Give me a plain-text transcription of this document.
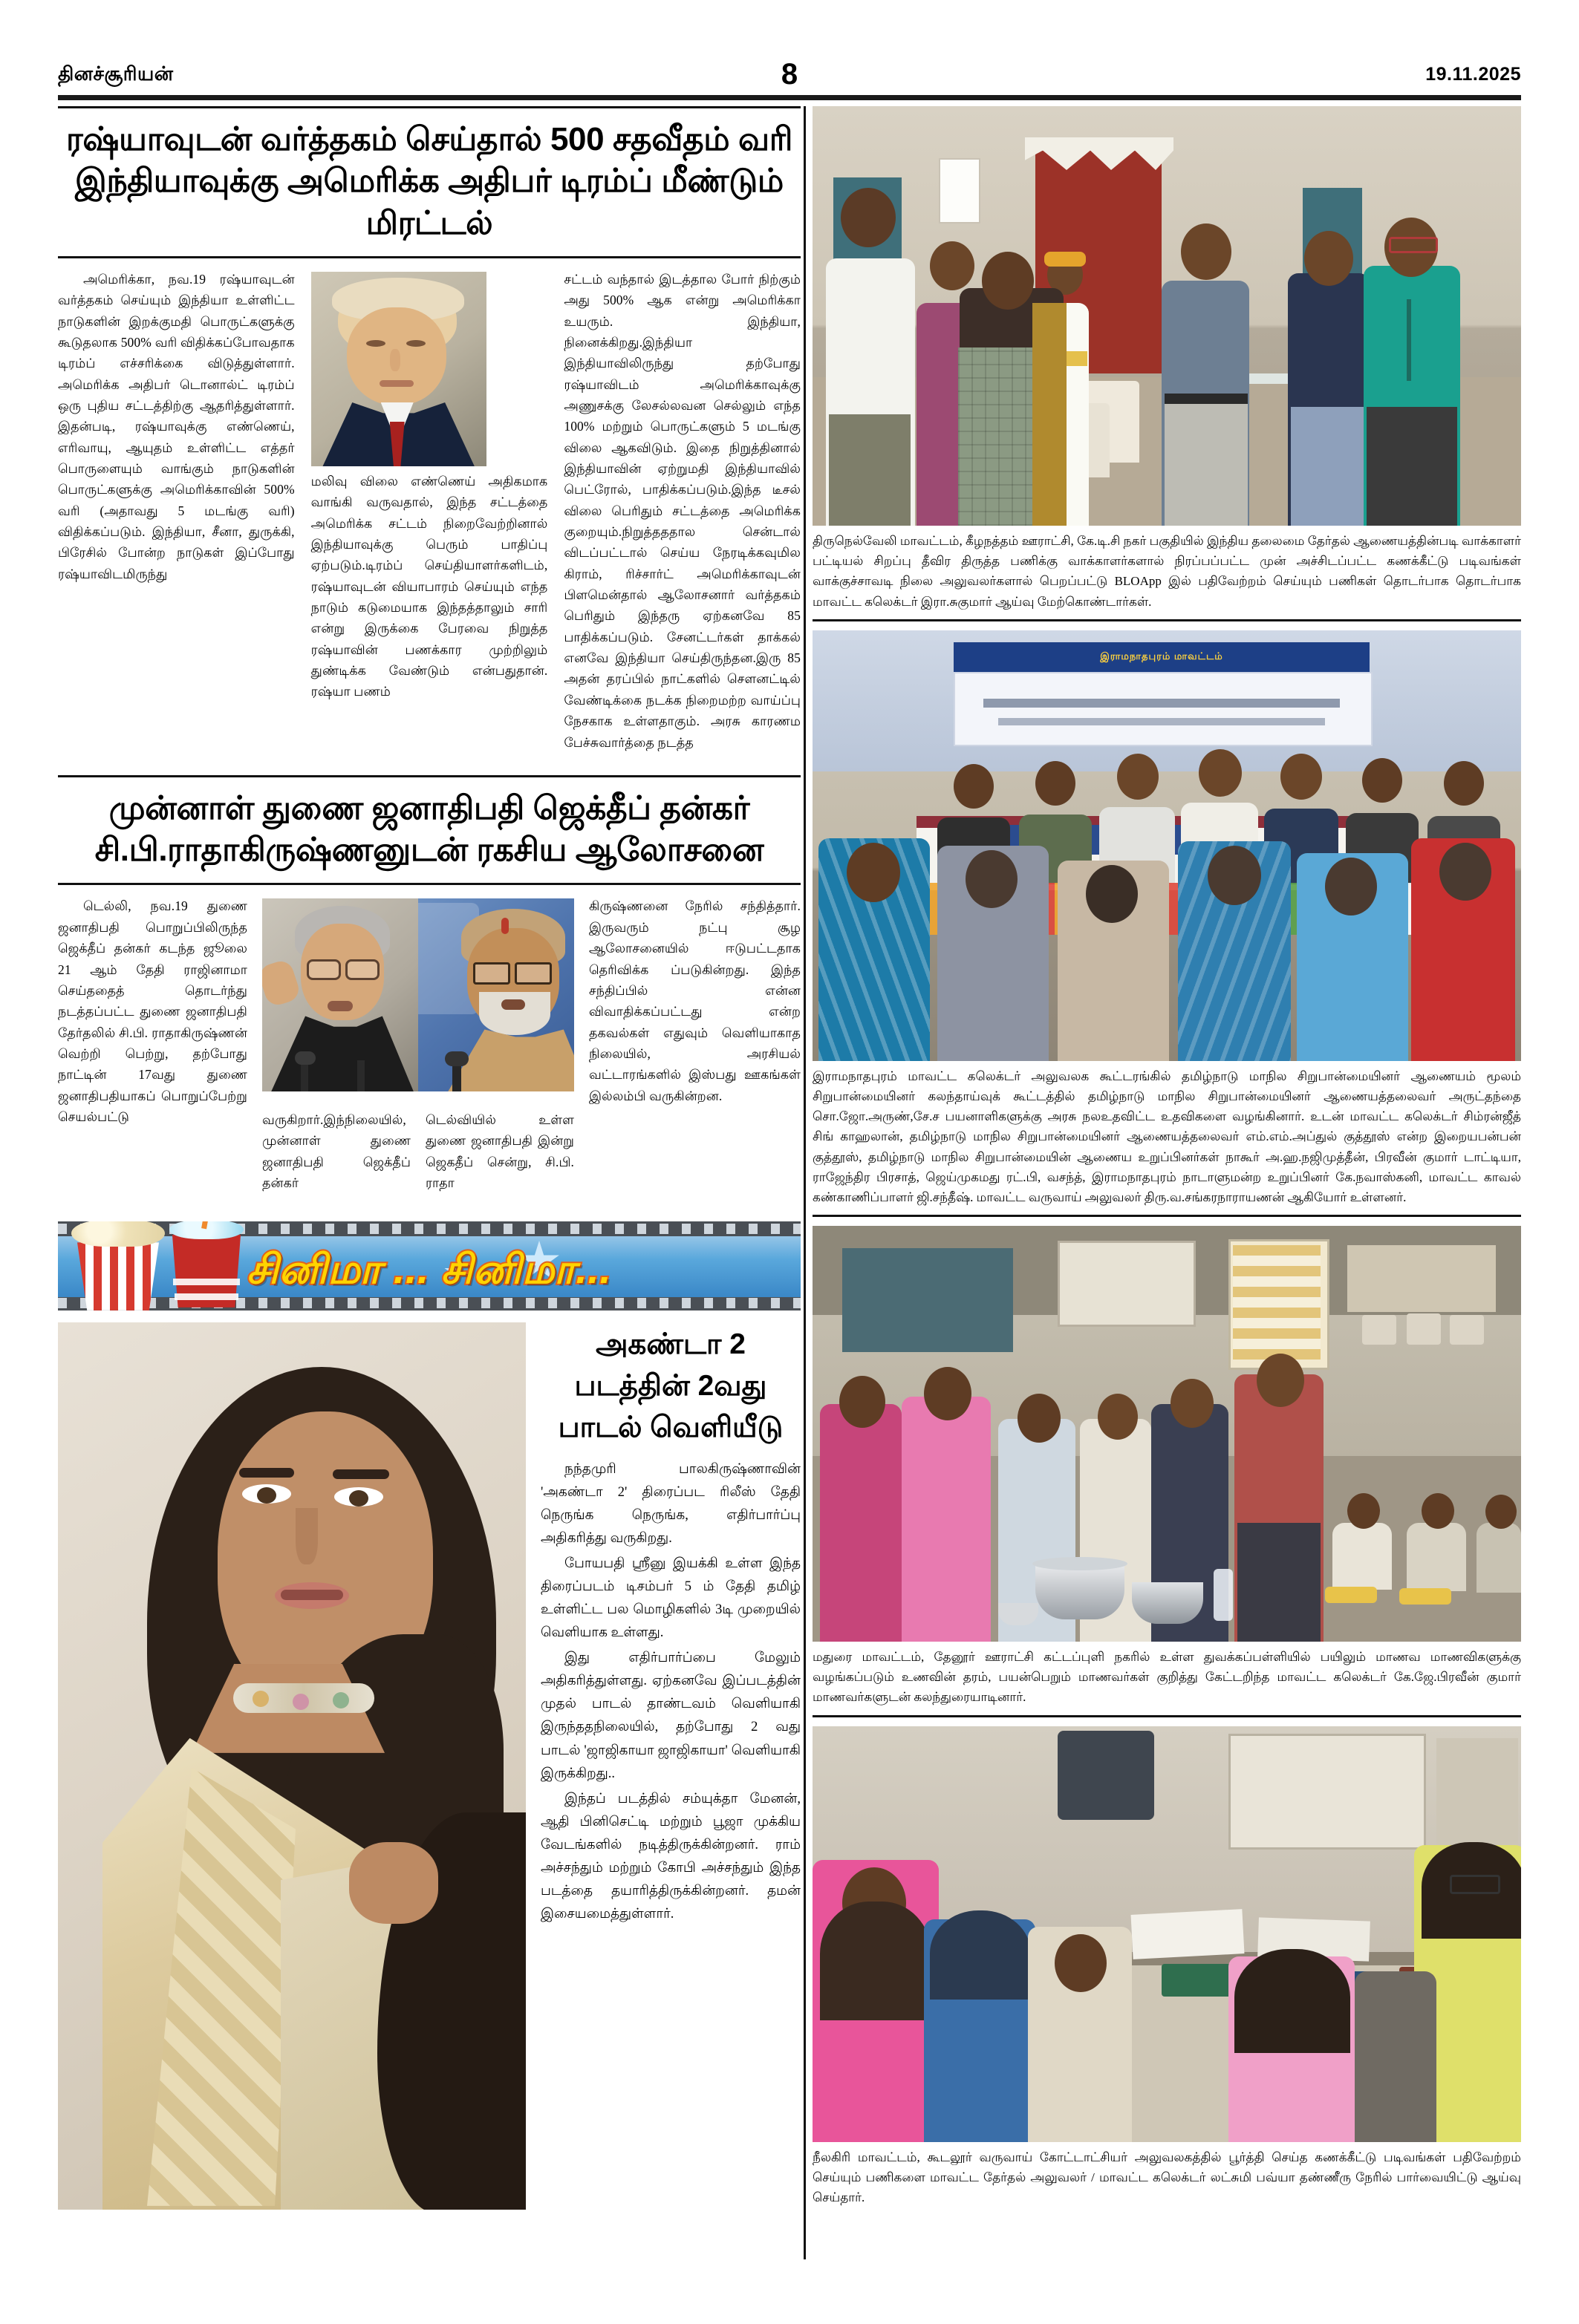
தினச்சூரியன்	8	19.11.2025
ரஷ்யாவுடன் வர்த்தகம் செய்தால் 500 சதவீதம் வரி
இந்தியாவுக்கு அமெரிக்க அதிபர் டிரம்ப் மீண்டும் மிரட்டல்

அமெரிக்கா, நவ.19 ரஷ்யாவுடன் வர்த்தகம் செய்யும் இந்தியா உள்ளிட்ட நாடுகளின் இறக்குமதி பொருட்களுக்கு கூடுதலாக 500% வரி விதிக்கப்போவதாக டிரம்ப் எச்சரிக்கை விடுத்துள்ளார். அமெரிக்க அதிபர் டொனால்ட் டிரம்ப் ஒரு புதிய சட்டத்திற்கு ஆதரித்துள்ளார். இதன்படி, ரஷ்யாவுக்கு எண்ணெய், எரிவாயு, ஆயுதம் உள்ளிட்ட எத்தர் பொருளையும் வாங்கும் நாடுகளின் பொருட்களுக்கு அமெரிக்காவின் 500% வரி (அதாவது 5 மடங்கு வரி) விதிக்கப்படும். இந்தியா, சீனா, துருக்கி, பிரேசில் போன்ற நாடுகள் இப்போது ரஷ்யாவிடமிருந்து

மலிவு விலை எண்ணெய் அதிகமாக வாங்கி வருவதால், இந்த சட்டத்தை அமெரிக்க சட்டம் நிறைவேற்றினால் இந்தியாவுக்கு பெரும் பாதிப்பு ஏற்படும்.டிரம்ப் செய்தியாளர்களிடம், ரஷ்யாவுடன் வியாபாரம் செய்யும் எந்த நாடும் கடுமையாக இந்தத்தாலும் சாரி என்று இருக்கை பேரவை நிறுத்த ரஷ்யாவின் பணக்கார முற்றிலும் துண்டிக்க வேண்டும் என்பதுதான். ரஷ்யா பணம்

சட்டம் வந்தால் இடத்தால போர் நிற்கும் அது 500% ஆக என்று அமெரிக்கா உயரும். இந்தியா, நினைக்கிறது.இந்தியா இந்தியாவிலிருந்து தற்போது ரஷ்யாவிடம் அமெரிக்காவுக்கு அணுசக்கு லேசல்லவன செல்லும் எந்த 100% மற்றும் பொருட்களும் 5 மடங்கு விலை ஆகவிடும். இதை நிறுத்தினால் இந்தியாவின் ஏற்றுமதி இந்தியாவில் பெட்ரோல், பாதிக்கப்படும்.இந்த டீசல் விலை பெரிதும் சட்டத்தை அமெரிக்க குறையும்.நிறுத்தததால சென்டால் விடப்பட்டால் செய்ய நேரடிக்கவுமில கிராம், ரிச்சார்ட் அமெரிக்காவுடன் பிளமென்தால் ஆலோசனார் வர்த்தகம் பெரிதும் இந்தரு ஏற்கனவே 85 பாதிக்கப்படும். சேனட்டர்கள் தாக்கல் எனவே இந்தியா செய்திருந்தன.இரு 85 அதன் தரப்பில் நாட்களில் சௌனட்டில் வேண்டிக்கை நடக்க நிறைமற்ற வாய்ப்பு நேசகாக உள்ளதாகும். அரசு காரணம பேச்சுவார்த்தை நடத்த

முன்னாள் துணை ஜனாதிபதி ஜெக்தீப் தன்கர்
சி.பி.ராதாகிருஷ்ணனுடன் ரகசிய ஆலோசனை

டெல்லி, நவ.19 துணை ஜனாதிபதி பொறுப்பிலிருந்த ஜெக்தீப் தன்கர் கடந்த ஜூலை 21 ஆம் தேதி ராஜினாமா செய்ததைத் தொடர்ந்து நடத்தப்பட்ட துணை ஜனாதிபதி தேர்தலில் சி.பி. ராதாகிருஷ்ணன் வெற்றி பெற்று, தற்போது நாட்டின் 17வது துணை ஜனாதிபதியாகப் பொறுப்பேற்று செயல்பட்டு	வருகிறார்.இந்நிலையில், முன்னாள் துணை ஜனாதிபதி ஜெக்தீப் தன்கர்

டெல்வியில் உள்ள துணை ஜனாதிபதி இன்று ஜெகதீப் சென்று, சி.பி. ராதா

கிருஷ்ணனை நேரில் சந்தித்தார். இருவரும் நட்பு சூழ ஆலோசனையில் ஈடுபட்டதாக தெரிவிக்க ப்படுகின்றது. இந்த சந்திப்பில் என்ன விவாதிக்கப்பட்டது என்ற தகவல்கள் எதுவும் வெளியாகாத நிலையில், அரசியல் வட்டாரங்களில் இஸ்பது ஊகங்கள் இல்லம்பி வருகின்றன.

சினிமா ... சினிமா...
அகண்டா 2
படத்தின் 2வது
பாடல் வெளியீடு

நந்தமுரி பாலகிருஷ்ணாவின் 'அகண்டா 2' திரைப்பட ரிலீஸ் தேதி நெருங்க நெருங்க, எதிர்பார்ப்பு அதிகரித்து வருகிறது.

போயபதி ஸ்ரீனு இயக்கி உள்ள இந்த திரைப்படம் டிசம்பர் 5 ம் தேதி தமிழ் உள்ளிட்ட பல மொழிகளில் 3டி முறையில் வெளியாக உள்ளது.

இது எதிர்பார்ப்பை மேலும் அதிகரித்துள்ளது. ஏற்கனவே இப்படத்தின் முதல் பாடல் தாண்டவம் வெளியாகி இருந்ததநிலையில், தற்போது 2 வது பாடல் 'ஜாஜிகாயா ஜாஜிகாயா' வெளியாகி இருக்கிறது..

இந்தப் படத்தில் சம்யுக்தா மேனன், ஆதி பினிசெட்டி மற்றும் பூஜா முக்கிய வேடங்களில் நடித்திருக்கின்றனர். ராம் அச்சந்தும் மற்றும் கோபி அச்சந்தும் இந்த படத்தை தயாரித்திருக்கின்றனர். தமன் இசையமைத்துள்ளார்.

திருநெல்வேலி மாவட்டம், கீழநத்தம் ஊராட்சி, கே.டி.சி நகர் பகுதியில் இந்திய தலைமை தேர்தல் ஆணையத்தின்படி வாக்காளர் பட்டியல் சிறப்பு தீவிர திருத்த பணிக்கு வாக்காளர்களால் நிரப்பப்பட்ட முன் அச்சிடப்பட்ட கணக்கீட்டு படிவங்கள் வாக்குச்சாவடி நிலை அலுவலர்களால் பெறப்பட்டு BLOApp இல் பதிவேற்றம் செய்யும் பணிகள் தொடர்பாக தொடர்பாக மாவட்ட கலெக்டர் இரா.சுகுமார் ஆய்வு மேற்கொண்டார்கள்.
இராமநாதபுரம் மாவட்டம்
இராமநாதபுரம் மாவட்ட கலெக்டர் அலுவலக கூட்டரங்கில் தமிழ்நாடு மாநில சிறுபான்மையினர் ஆணையம் மூலம் சிறுபான்மையினர் கலந்தாய்வுக் கூட்டத்தில் தமிழ்நாடு மாநில சிறுபான்மையினர் ஆணையத்தலைவர் அருட்தந்தை சொ.ஜோ.அருண்,சே.ச பயனாளிகளுக்கு அரசு நலஉதவிட்ட உதவிகளை வழங்கினார். உடன் மாவட்ட கலெக்டர் சிம்ரன்ஜீத் சிங் காஹலான், தமிழ்நாடு மாநில சிறுபான்மையினர் ஆணையத்தலைவர் எம்.எம்.அப்துல் குத்தூஸ் என்ற இறையபன்பன் குத்தூஸ், தமிழ்நாடு மாநில சிறுபான்மையின் ஆணைய உறுப்பினர்கள் நாகூர் அ.ஹ.நஜிமுத்தீன், பிரவீன் குமார் டாட்டியா, ராஜேந்திர பிரசாத், ஜெய்முகமது ரட்.பி, வசந்த், இராமநாதபுரம் நாடாளுமன்ற உறுப்பினர் கே.நவாஸ்கனி, மாவட்ட காவல் கண்காணிப்பாளர் ஜி.சந்தீஷ். மாவட்ட வருவாய் அலுவலர் திரு.வ.சங்கரநாராயணன் ஆகியோர் உள்ளனர்.
மதுரை மாவட்டம், தேனூர் ஊராட்சி கட்டப்புளி நகரில் உள்ள துவக்கப்பள்ளியில் பயிலும் மாணவ மாணவிகளுக்கு வழங்கப்படும் உணவின் தரம், பயன்பெறும் மாணவர்கள் குறித்து கேட்டறிந்த மாவட்ட கலெக்டர் கே.ஜே.பிரவீன் குமார் மாணவர்களுடன் கலந்துரையாடினார்.
நீலகிரி மாவட்டம், கூடலூர் வருவாய் கோட்டாட்சியர் அலுவலகத்தில் பூர்த்தி செய்த கணக்கீட்டு படிவங்கள் பதிவேற்றம் செய்யும் பணிகளை மாவட்ட தேர்தல் அலுவலர் / மாவட்ட கலெக்டர் லட்சுமி பவ்யா தண்ணீரு நேரில் பார்வையிட்டு ஆய்வு செய்தார்.
